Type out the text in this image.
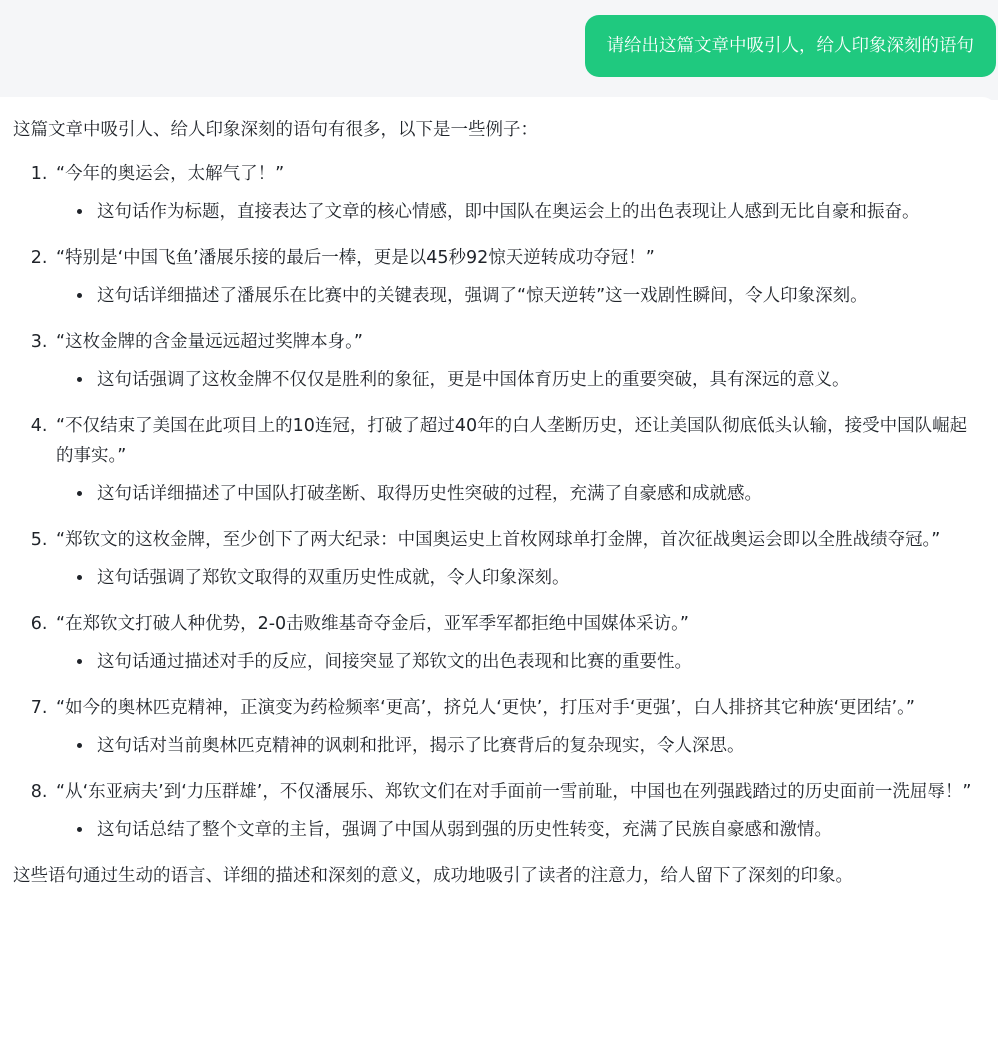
请给出这篇文章中吸引人，给人印象深刻的语句

这篇文章中吸引人、给人印象深刻的语句有很多，以下是一些例子：

1. “今年的奥运会，太解气了！”
• 这句话作为标题，直接表达了文章的核心情感，即中国队在奥运会上的出色表现让人感到无比自豪和振奋。
2. “特别是‘中国飞鱼’潘展乐接的最后一棒，更是以45秒92惊天逆转成功夺冠！”
• 这句话详细描述了潘展乐在比赛中的关键表现，强调了“惊天逆转”这一戏剧性瞬间，令人印象深刻。
3. “这枚金牌的含金量远远超过奖牌本身。”
• 这句话强调了这枚金牌不仅仅是胜利的象征，更是中国体育历史上的重要突破，具有深远的意义。
4. “不仅结束了美国在此项目上的10连冠，打破了超过40年的白人垄断历史，还让美国队彻底低头认输，接受中国队崛起的事实。”
• 这句话详细描述了中国队打破垄断、取得历史性突破的过程，充满了自豪感和成就感。
5. “郑钦文的这枚金牌，至少创下了两大纪录：中国奥运史上首枚网球单打金牌，首次征战奥运会即以全胜战绩夺冠。”
• 这句话强调了郑钦文取得的双重历史性成就，令人印象深刻。
6. “在郑钦文打破人种优势，2-0击败维基奇夺金后，亚军季军都拒绝中国媒体采访。”
• 这句话通过描述对手的反应，间接突显了郑钦文的出色表现和比赛的重要性。
7. “如今的奥林匹克精神，正演变为药检频率‘更高’，挤兑人‘更快’，打压对手‘更强’，白人排挤其它种族‘更团结’。”
• 这句话对当前奥林匹克精神的讽刺和批评，揭示了比赛背后的复杂现实，令人深思。
8. “从‘东亚病夫’到‘力压群雄’，不仅潘展乐、郑钦文们在对手面前一雪前耻，中国也在列强践踏过的历史面前一洗屈辱！”
• 这句话总结了整个文章的主旨，强调了中国从弱到强的历史性转变，充满了民族自豪感和激情。

这些语句通过生动的语言、详细的描述和深刻的意义，成功地吸引了读者的注意力，给人留下了深刻的印象。
